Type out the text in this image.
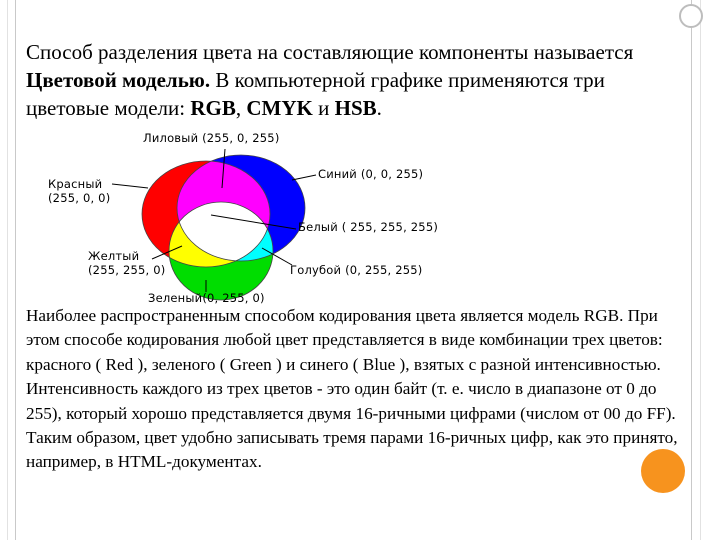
Способ разделения цвета на составляющие компоненты называется Цветовой моделью. В компьютерной графике применяются три цветовые модели: RGB, CMYK и HSB.
Лиловый (255, 0, 255)
Красный
(255, 0, 0)
Синий (0, 0, 255)
Белый ( 255, 255, 255)
Желтый
(255, 255, 0)	Голубой (0, 255, 255)
Зеленый(0, 255, 0)
Наиболее распространенным способом кодирования цвета является модель RGB. При этом способе кодирования любой цвет представляется в виде комбинации трех цветов: красного ( Red ), зеленого ( Green ) и синего ( Blue ), взятых с разной интенсивностью. Интенсивность каждого из трех цветов - это один байт (т. е. число в диапазоне от 0 до 255), который хорошо представляется двумя 16-ричными цифрами (числом от 00 до FF). Таким образом, цвет удобно записывать тремя парами 16-ричных цифр, как это принято, например, в HTML-документах.
